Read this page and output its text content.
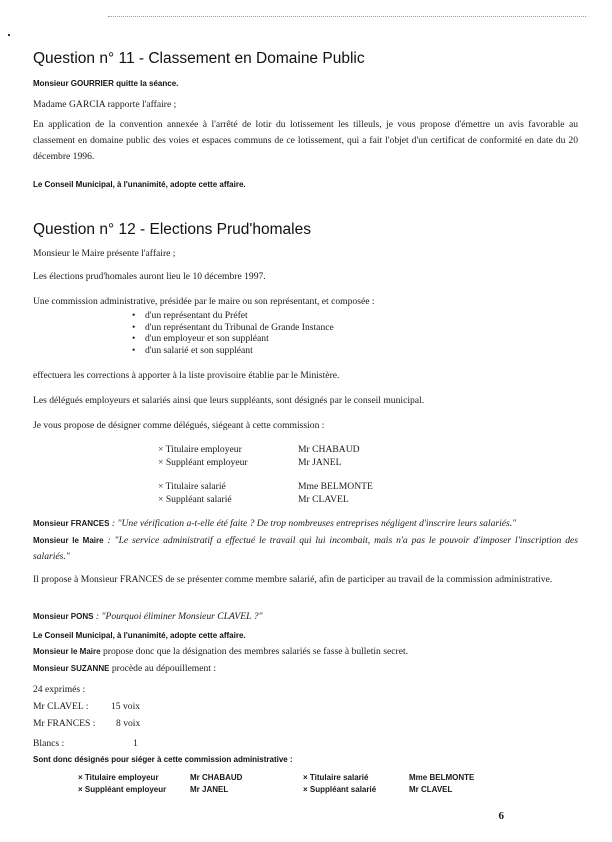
Question n° 11 - Classement en Domaine Public
Monsieur GOURRIER quitte la séance.
Madame GARCIA rapporte l'affaire ;
En application de la convention annexée à l'arrêté de lotir du lotissement les tilleuls, je vous propose d'émettre un avis favorable au classement en domaine public des voies et espaces communs de ce lotissement, qui a fait l'objet d'un certificat de conformité en date du 20 décembre 1996.
Le Conseil Municipal, à l'unanimité, adopte cette affaire.
Question n° 12 - Elections Prud'homales
Monsieur le Maire présente l'affaire ;
Les élections prud'homales auront lieu le 10 décembre 1997.
Une commission administrative, présidée par le maire ou son représentant, et composée :
• d'un représentant du Préfet
• d'un représentant du Tribunal de Grande Instance
• d'un employeur et son suppléant
• d'un salarié et son suppléant
effectuera les corrections à apporter à la liste provisoire établie par le Ministère.
Les délégués employeurs et salariés ainsi que leurs suppléants, sont désignés par le conseil municipal.
Je vous propose de désigner comme délégués, siégeant à cette commission :
× Titulaire employeur	Mr CHABAUD
× Suppléant employeur	Mr JANEL
× Titulaire salarié	Mme BELMONTE
× Suppléant salarié	Mr CLAVEL
Monsieur FRANCES : "Une vérification a-t-elle été faite ? De trop nombreuses entreprises négligent d'inscrire leurs salariés."
Monsieur le Maire : "Le service administratif a effectué le travail qui lui incombait, mais n'a pas le pouvoir d'imposer l'inscription des salariés."
Il propose à Monsieur FRANCES de se présenter comme membre salarié, afin de participer au travail de la commission administrative.
Monsieur PONS : "Pourquoi éliminer Monsieur CLAVEL ?"
Le Conseil Municipal, à l'unanimité, adopte cette affaire.
Monsieur le Maire propose donc que la désignation des membres salariés se fasse à bulletin secret.
Monsieur SUZANNE procède au dépouillement :
24 exprimés :
Mr CLAVEL : 15 voix
Mr FRANCES : 8 voix
Blancs :	1
Sont donc désignés pour siéger à cette commission administrative :
× Titulaire employeur	Mr CHABAUD
× Suppléant employeur	Mr JANEL
× Titulaire salarié	Mme BELMONTE
× Suppléant salarié	Mr CLAVEL
6
